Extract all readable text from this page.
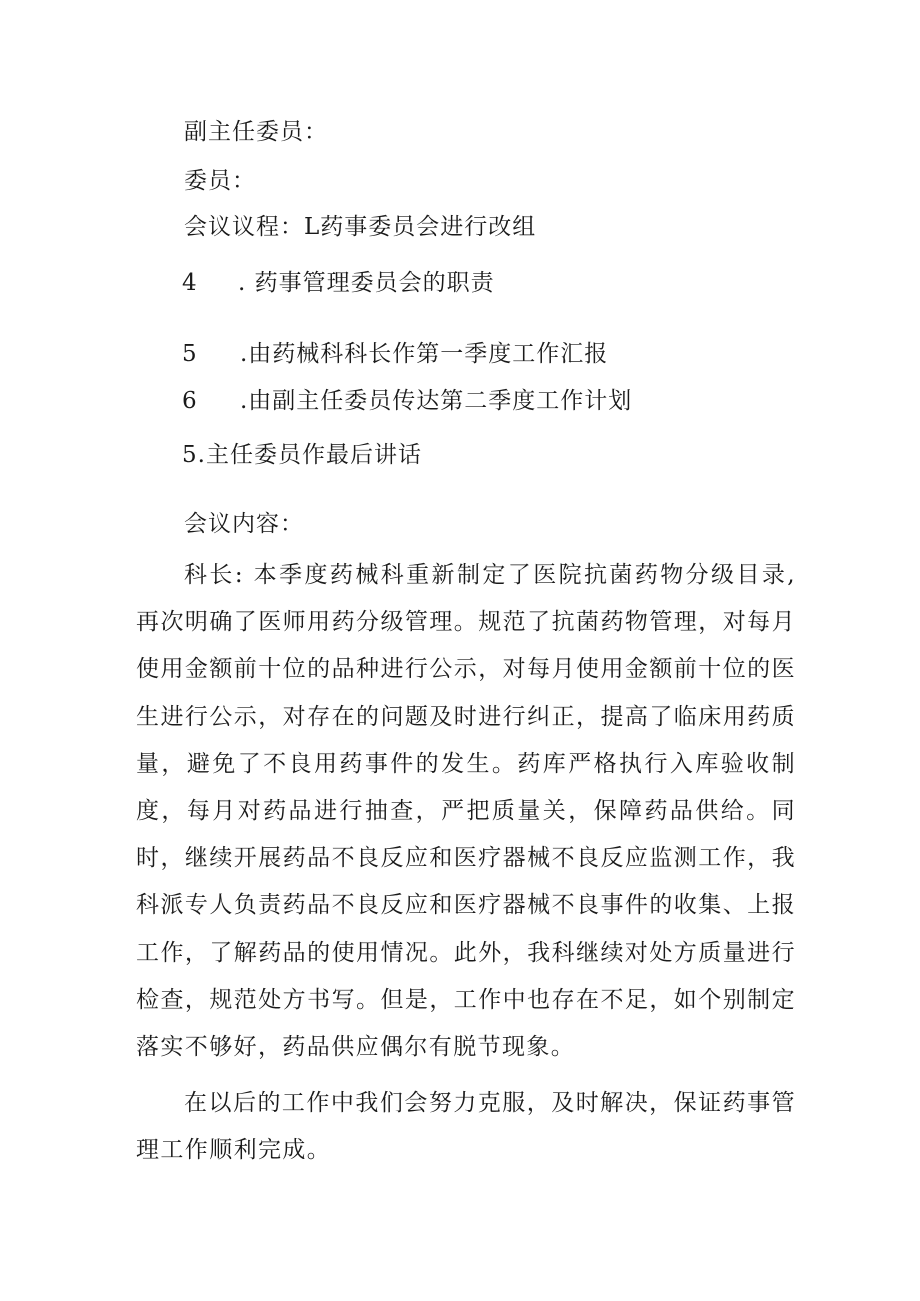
副主任委员：
委员：
会议议程：L药事委员会进行改组
4 . 药事管理委员会的职责
5 .由药械科科长作第一季度工作汇报
6 .由副主任委员传达第二季度工作计划
5.主任委员作最后讲话
会议内容：

科长: 本季度药械科重新制定了医院抗菌药物分级目录,再次明确了医师用药分级管理。规范了抗菌药物管理，对每月使用金额前十位的品种进行公示，对每月使用金额前十位的医生进行公示，对存在的问题及时进行纠正，提高了临床用药质量，避免了不良用药事件的发生。药库严格执行入库验收制度，每月对药品进行抽查，严把质量关，保障药品供给。同时，继续开展药品不良反应和医疗器械不良反应监测工作，我科派专人负责药品不良反应和医疗器械不良事件的收集、上报工作，了解药品的使用情况。此外，我科继续对处方质量进行检查，规范处方书写。但是，工作中也存在不足，如个别制定落实不够好，药品供应偶尔有脱节现象。

在以后的工作中我们会努力克服，及时解决，保证药事管理工作顺利完成。
